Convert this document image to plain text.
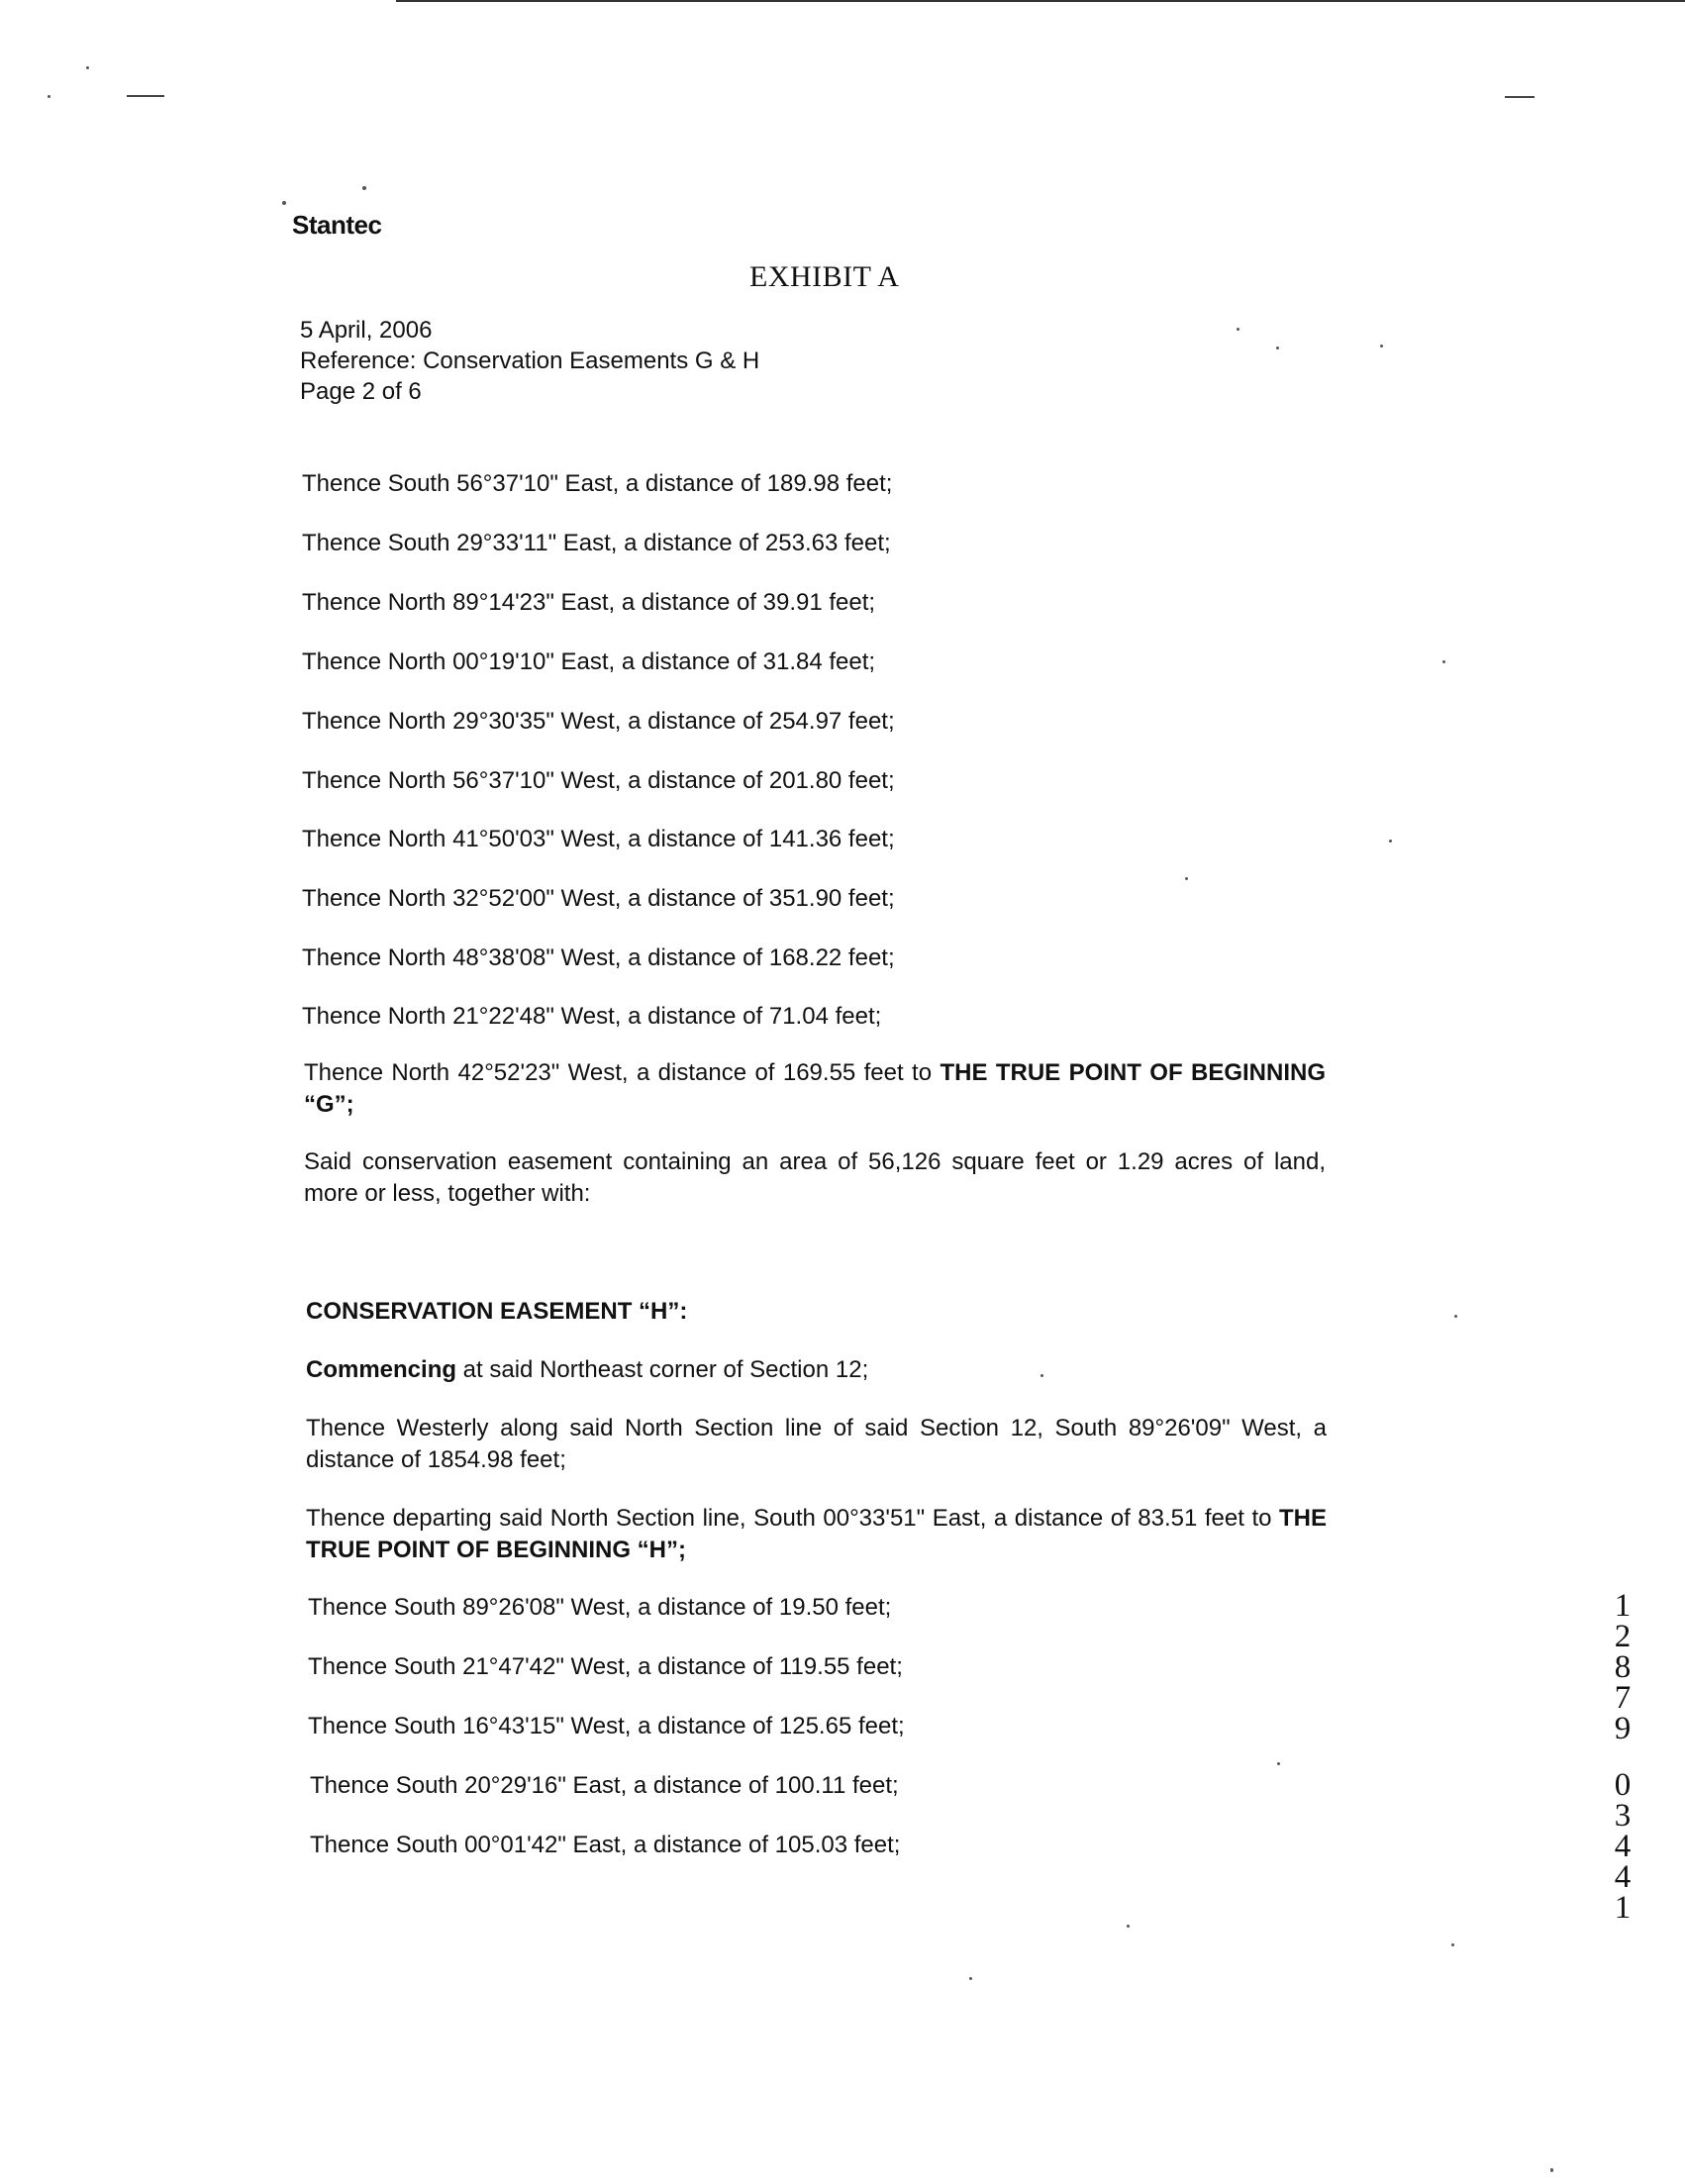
Stantec
EXHIBIT A
5 April, 2006
Reference: Conservation Easements G & H
Page 2 of 6
Thence South 56°37'10" East, a distance of 189.98 feet;
Thence South 29°33'11" East, a distance of 253.63 feet;
Thence North 89°14'23" East, a distance of 39.91 feet;
Thence North 00°19'10" East, a distance of 31.84 feet;
Thence North 29°30'35" West, a distance of 254.97 feet;
Thence North 56°37'10" West, a distance of 201.80 feet;
Thence North 41°50'03" West, a distance of 141.36 feet;
Thence North 32°52'00" West, a distance of 351.90 feet;
Thence North 48°38'08" West, a distance of 168.22 feet;
Thence North 21°22'48" West, a distance of 71.04 feet;
Thence North 42°52'23" West, a distance of 169.55 feet to THE TRUE POINT OF BEGINNING “G”;
Said conservation easement containing an area of 56,126 square feet or 1.29 acres of land, more or less, together with:
CONSERVATION EASEMENT “H”:
Commencing at said Northeast corner of Section 12;
Thence Westerly along said North Section line of said Section 12, South 89°26'09" West, a distance of 1854.98 feet;
Thence departing said North Section line, South 00°33'51" East, a distance of 83.51 feet to THE TRUE POINT OF BEGINNING “H”;
Thence South 89°26'08" West, a distance of 19.50 feet;
Thence South 21°47'42" West, a distance of 119.55 feet;
Thence South 16°43'15" West, a distance of 125.65 feet;
Thence South 20°29'16" East, a distance of 100.11 feet;
Thence South 00°01'42" East, a distance of 105.03 feet;
1
2
8
7
9
0
3
4
4
1
